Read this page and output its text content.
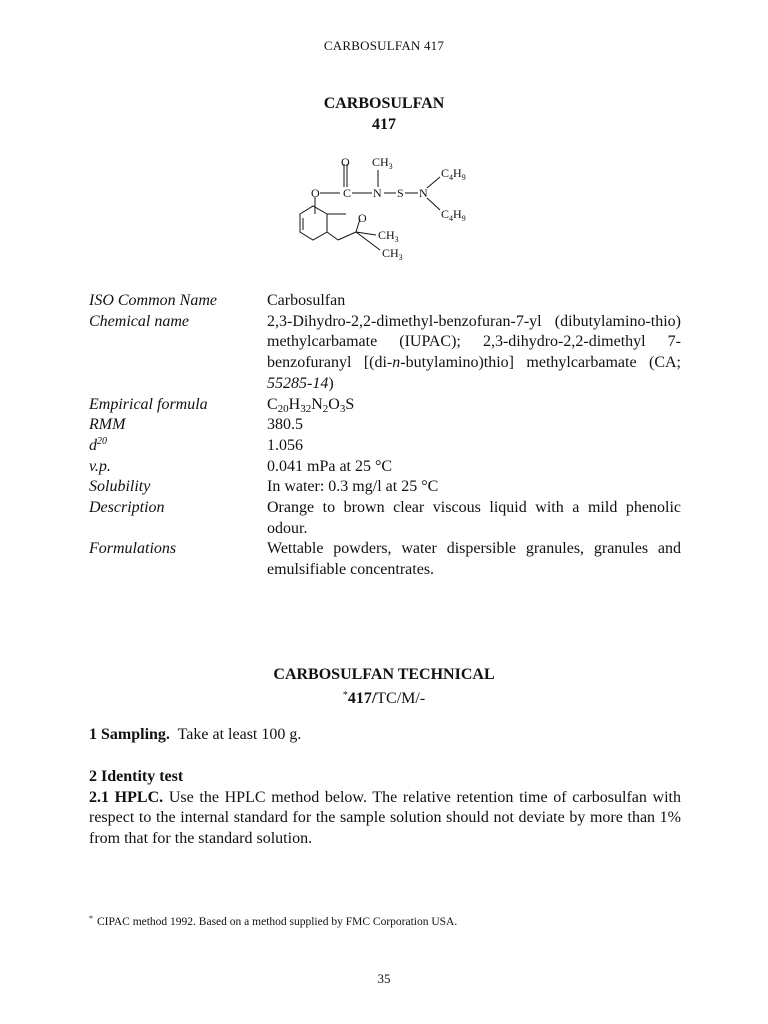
CARBOSULFAN 417
CARBOSULFAN
417
O $CH_3$
O C N S N
$C_4H_9$
$C_4H_9$
O
$CH_3$
$CH_3$
ISO Common Name	Carbosulfan
Chemical name	2,3-Dihydro-2,2-dimethyl-benzofuran-7-yl (dibutylamino-thio) methylcarbamate (IUPAC); 2,3-dihydro-2,2-dimethyl 7-benzofuranyl [(di-n-butylamino)thio] methylcarbamate (CA; 55285-14)
Empirical formula	$C_{20}H_{32}N_2O_3S$
RMM	380.5
$d^{20}$	1.056
v.p.	0.041 mPa at 25 °C
Solubility	In water: 0.3 mg/l at 25 °C
Description	Orange to brown clear viscous liquid with a mild phenolic odour.
Formulations	Wettable powders, water dispersible granules, granules and emulsifiable concentrates.
CARBOSULFAN TECHNICAL
*417/TC/M/-
1 Sampling. Take at least 100 g.
2 Identity test
2.1 HPLC. Use the HPLC method below. The relative retention time of carbosulfan with respect to the internal standard for the sample solution should not deviate by more than 1% from that for the standard solution.
* CIPAC method 1992. Based on a method supplied by FMC Corporation USA.
35
